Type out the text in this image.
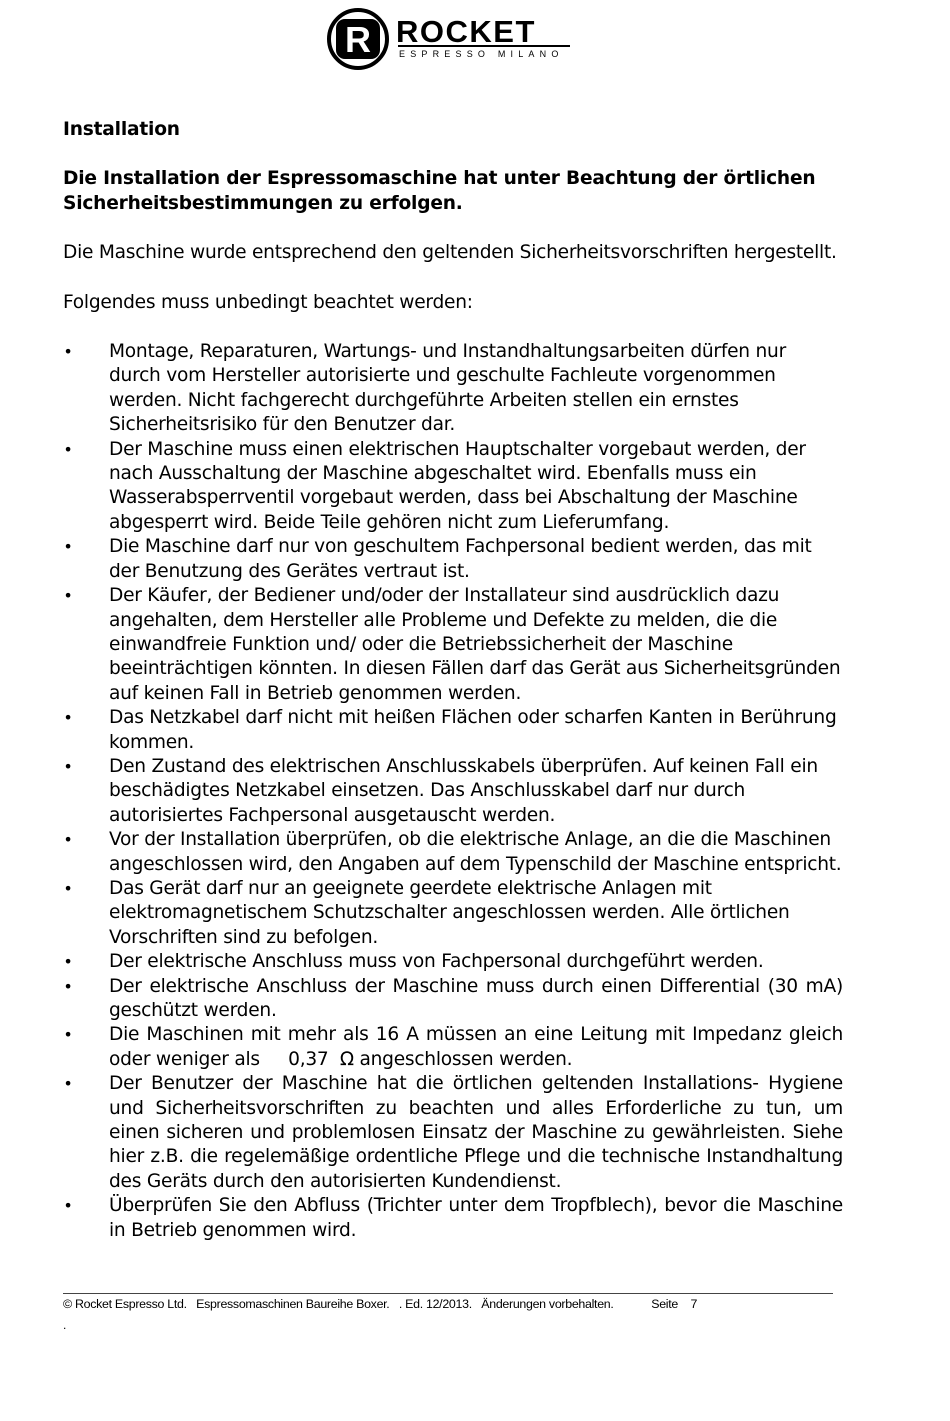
R ROCKET
ESPRESSO MILANO

Installation

Die Installation der Espressomaschine hat unter Beachtung der örtlichen Sicherheitsbestimmungen zu erfolgen.

Die Maschine wurde entsprechend den geltenden Sicherheitsvorschriften hergestellt.

Folgendes muss unbedingt beachtet werden:

• Montage, Reparaturen, Wartungs- und Instandhaltungsarbeiten dürfen nur durch vom Hersteller autorisierte und geschulte Fachleute vorgenommen werden. Nicht fachgerecht durchgeführte Arbeiten stellen ein ernstes Sicherheitsrisiko für den Benutzer dar.
• Der Maschine muss einen elektrischen Hauptschalter vorgebaut werden, der nach Ausschaltung der Maschine abgeschaltet wird. Ebenfalls muss ein Wasserabsperrventil vorgebaut werden, dass bei Abschaltung der Maschine abgesperrt wird. Beide Teile gehören nicht zum Lieferumfang.
• Die Maschine darf nur von geschultem Fachpersonal bedient werden, das mit der Benutzung des Gerätes vertraut ist.
• Der Käufer, der Bediener und/oder der Installateur sind ausdrücklich dazu angehalten, dem Hersteller alle Probleme und Defekte zu melden, die die einwandfreie Funktion und/ oder die Betriebssicherheit der Maschine beeinträchtigen könnten. In diesen Fällen darf das Gerät aus Sicherheitsgründen auf keinen Fall in Betrieb genommen werden.
• Das Netzkabel darf nicht mit heißen Flächen oder scharfen Kanten in Berührung kommen.
• Den Zustand des elektrischen Anschlusskabels überprüfen. Auf keinen Fall ein beschädigtes Netzkabel einsetzen. Das Anschlusskabel darf nur durch autorisiertes Fachpersonal ausgetauscht werden.
• Vor der Installation überprüfen, ob die elektrische Anlage, an die die Maschinen angeschlossen wird, den Angaben auf dem Typenschild der Maschine entspricht.
• Das Gerät darf nur an geeignete geerdete elektrische Anlagen mit elektromagnetischem Schutzschalter angeschlossen werden. Alle örtlichen Vorschriften sind zu befolgen.
• Der elektrische Anschluss muss von Fachpersonal durchgeführt werden.
• Der elektrische Anschluss der Maschine muss durch einen Differential (30 mA) geschützt werden.
• Die Maschinen mit mehr als 16 A müssen an eine Leitung mit Impedanz gleich oder weniger als     0,37  Ω angeschlossen werden.
• Der Benutzer der Maschine hat die örtlichen geltenden Installations- Hygiene und Sicherheitsvorschriften zu beachten und alles Erforderliche zu tun, um einen sicheren und problemlosen Einsatz der Maschine zu gewährleisten. Siehe hier z.B. die regelemäßige ordentliche Pflege und die technische Instandhaltung des Geräts durch den autorisierten Kundendienst.
• Überprüfen Sie den Abfluss (Trichter unter dem Tropfblech), bevor die Maschine in Betrieb genommen wird.
© Rocket Espresso Ltd.   Espressomaschinen Baureihe Boxer.   . Ed. 12/2013.   Änderungen vorbehalten.            Seite    7
.
